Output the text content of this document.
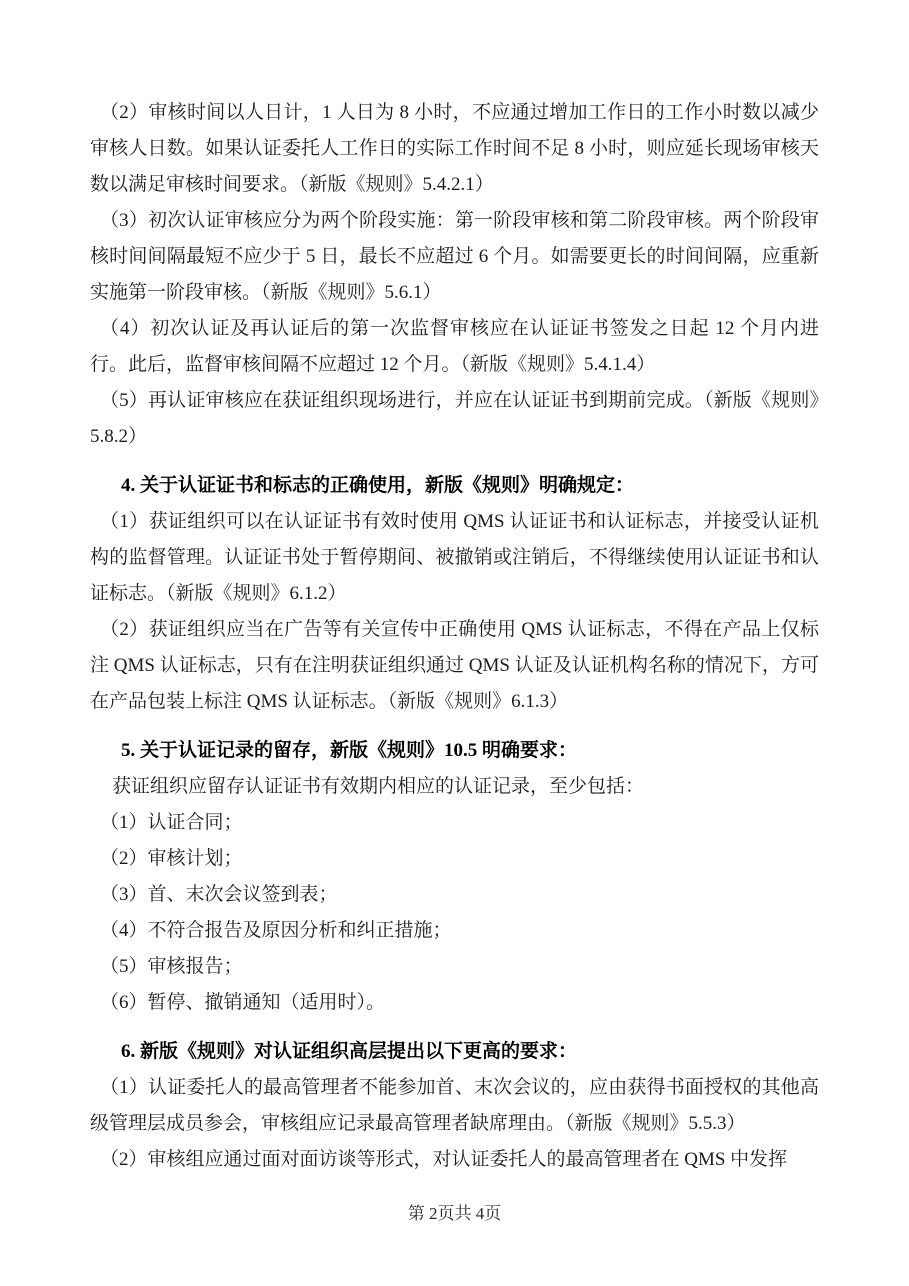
（2）审核时间以人日计，1 人日为 8 小时，不应通过增加工作日的工作小时数以减少审核人日数。如果认证委托人工作日的实际工作时间不足 8 小时，则应延长现场审核天数以满足审核时间要求。（新版《规则》5.4.2.1）
（3）初次认证审核应分为两个阶段实施：第一阶段审核和第二阶段审核。两个阶段审核时间间隔最短不应少于 5 日，最长不应超过 6 个月。如需要更长的时间间隔，应重新实施第一阶段审核。（新版《规则》5.6.1）
（4）初次认证及再认证后的第一次监督审核应在认证证书签发之日起 12 个月内进行。此后，监督审核间隔不应超过 12 个月。（新版《规则》5.4.1.4）
（5）再认证审核应在获证组织现场进行，并应在认证证书到期前完成。（新版《规则》5.8.2）
4. 关于认证证书和标志的正确使用，新版《规则》明确规定：
（1）获证组织可以在认证证书有效时使用 QMS 认证证书和认证标志，并接受认证机构的监督管理。认证证书处于暂停期间、被撤销或注销后，不得继续使用认证证书和认证标志。（新版《规则》6.1.2）
（2）获证组织应当在广告等有关宣传中正确使用 QMS 认证标志，不得在产品上仅标注 QMS 认证标志，只有在注明获证组织通过 QMS 认证及认证机构名称的情况下，方可在产品包装上标注 QMS 认证标志。（新版《规则》6.1.3）
5. 关于认证记录的留存，新版《规则》10.5 明确要求：
获证组织应留存认证证书有效期内相应的认证记录，至少包括：
（1）认证合同；
（2）审核计划；
（3）首、末次会议签到表；
（4）不符合报告及原因分析和纠正措施；
（5）审核报告；
（6）暂停、撤销通知（适用时）。
6. 新版《规则》对认证组织高层提出以下更高的要求：
（1）认证委托人的最高管理者不能参加首、末次会议的，应由获得书面授权的其他高级管理层成员参会，审核组应记录最高管理者缺席理由。（新版《规则》5.5.3）
（2）审核组应通过面对面访谈等形式，对认证委托人的最高管理者在 QMS 中发挥
第 2页共 4页
